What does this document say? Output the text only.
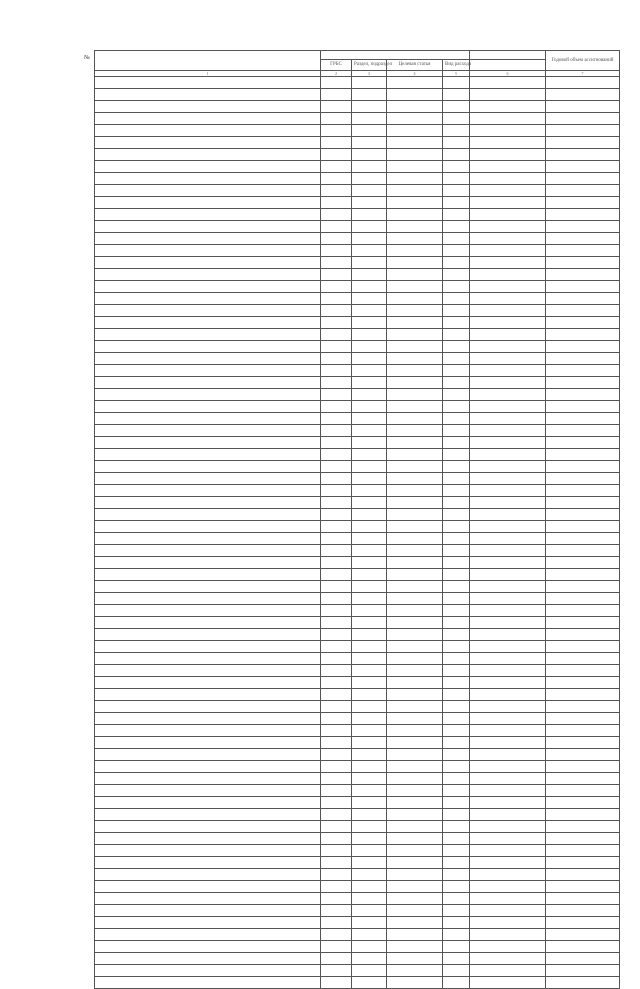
№
						Годовой объем ассигнований
	ГРБС	Раздел, подраздел	Целевая статья	Вид расхода		
1	2	3	4	5	6	7
